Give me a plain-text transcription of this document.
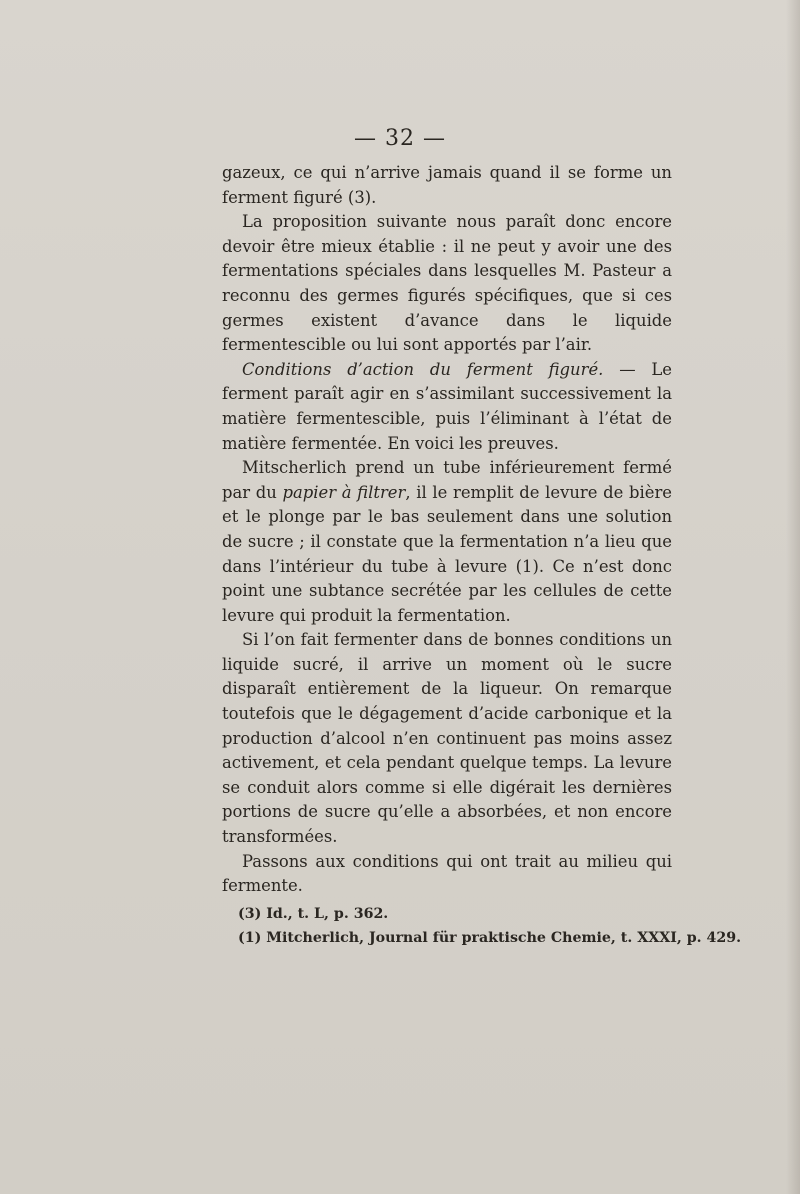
— 32 —

gazeux, ce qui n’arrive jamais quand il se forme un ferment figuré (3).

La proposition suivante nous paraît donc encore devoir être mieux établie : il ne peut y avoir une des fermentations spéciales dans lesquelles M. Pasteur a reconnu des germes figurés spécifiques, que si ces germes existent d’avance dans le liquide fermentescible ou lui sont apportés par l’air.

Conditions d’action du ferment figuré. — Le ferment paraît agir en s’assimilant successivement la matière fermentescible, puis l’éliminant à l’état de matière fermentée. En voici les preuves.

Mitscherlich prend un tube inférieurement fermé par du papier à filtrer, il le remplit de levure de bière et le plonge par le bas seulement dans une solution de sucre ; il constate que la fermentation n’a lieu que dans l’intérieur du tube à levure (1). Ce n’est donc point une subtance secrétée par les cellules de cette levure qui produit la fermentation.

Si l’on fait fermenter dans de bonnes conditions un liquide sucré, il arrive un moment où le sucre disparaît entièrement de la liqueur. On remarque toutefois que le dégagement d’acide carbonique et la production d’alcool n’en continuent pas moins assez activement, et cela pendant quelque temps. La levure se conduit alors comme si elle digérait les dernières portions de sucre qu’elle a absorbées, et non encore transformées.

Passons aux conditions qui ont trait au milieu qui fermente.

(3) Id., t. L, p. 362.
(1) Mitcherlich, Journal für praktische Chemie, t. XXXI, p. 429.
